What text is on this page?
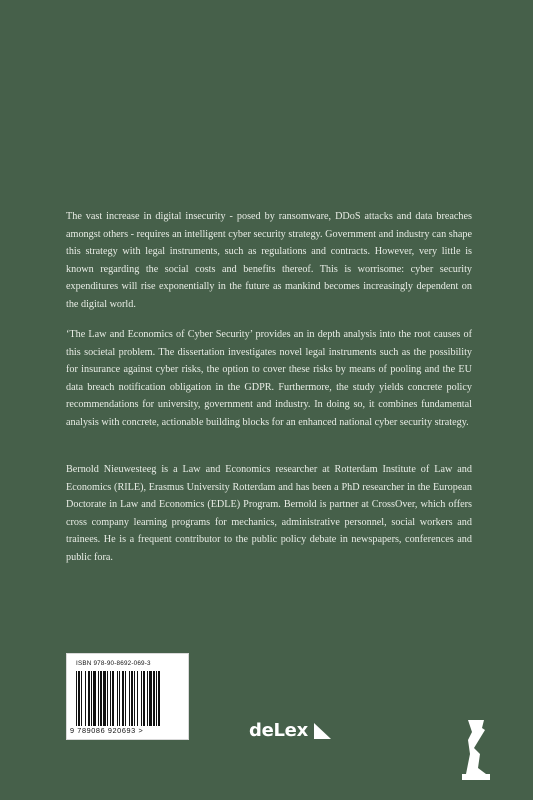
The vast increase in digital insecurity - posed by ransomware, DDoS attacks and data breaches amongst others - requires an intelligent cyber security strategy. Government and industry can shape this strategy with legal instruments, such as regulations and contracts. However, very little is known regarding the social costs and benefits thereof. This is worrisome: cyber security expenditures will rise exponentially in the future as mankind becomes increasingly dependent on the digital world.
‘The Law and Economics of Cyber Security’ provides an in depth analysis into the root causes of this societal problem. The dissertation investigates novel legal instruments such as the possibility for insurance against cyber risks, the option to cover these risks by means of pooling and the EU data breach notification obligation in the GDPR. Furthermore, the study yields concrete policy recommendations for university, government and industry. In doing so, it combines fundamental analysis with concrete, actionable building blocks for an enhanced national cyber security strategy.
Bernold Nieuwesteeg is a Law and Economics researcher at Rotterdam Institute of Law and Economics (RILE), Erasmus University Rotterdam and has been a PhD researcher in the European Doctorate in Law and Economics (EDLE) Program. Bernold is partner at CrossOver, which offers cross company learning programs for mechanics, administrative personnel, social workers and trainees. He is a frequent contributor to the public policy debate in newspapers, conferences and public fora.
ISBN 978-90-8692-069-3
9 789086 920693 >	deLex
